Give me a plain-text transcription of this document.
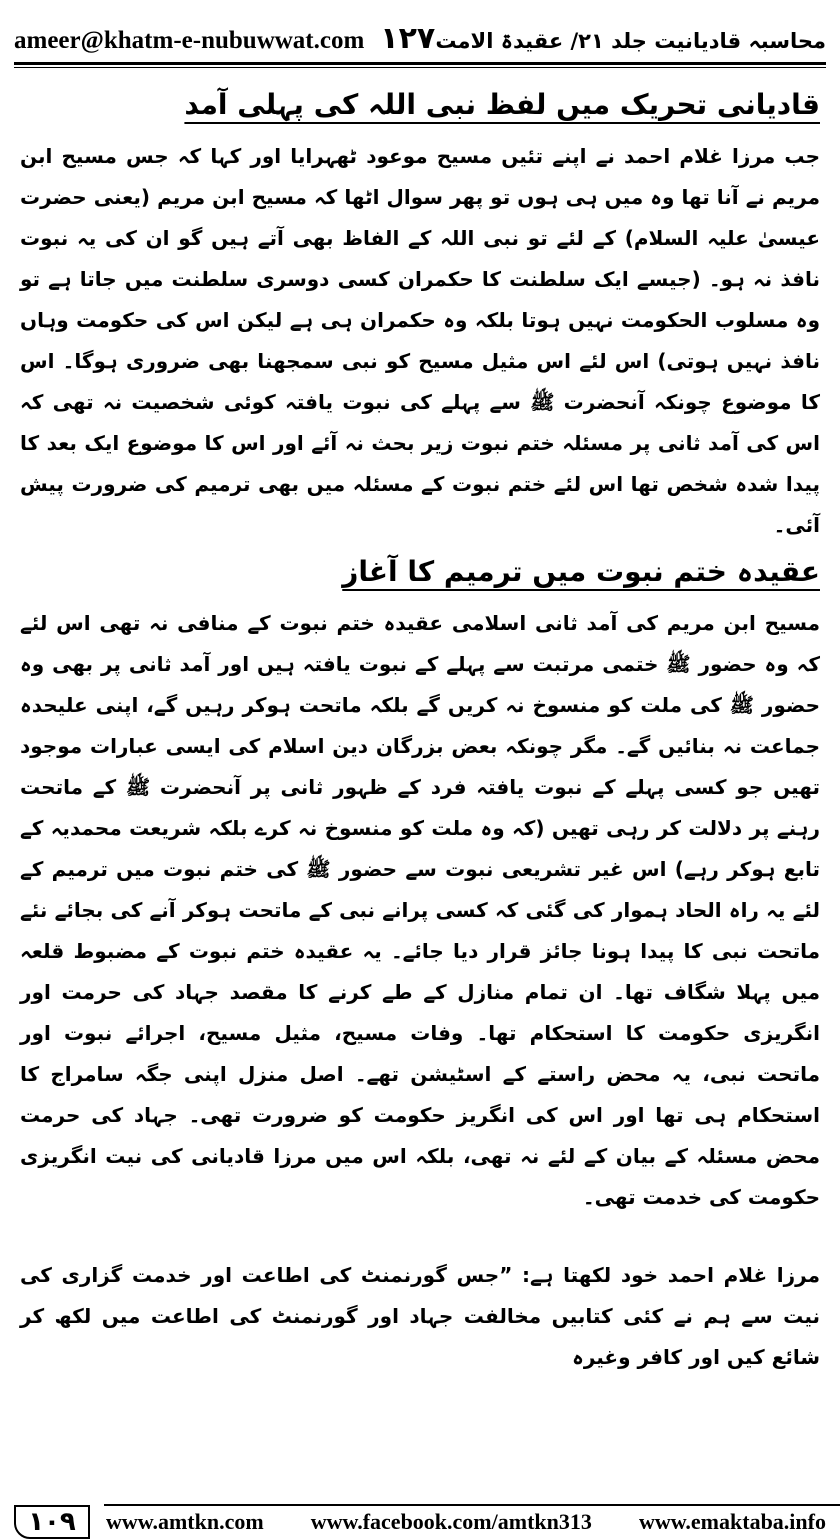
ameer@khatm-e-nubuwwat.com ۱۲۷ محاسبہ قادیانیت جلد ۲۱/ عقیدۃ الامت
قادیانی تحریک میں لفظ نبی اللہ کی پہلی آمد

جب مرزا غلام احمد نے اپنے تئیں مسیح موعود ٹھہرایا اور کہا کہ جس مسیح ابن مریم نے آنا تھا وہ میں ہی ہوں تو پھر سوال اٹھا کہ مسیح ابن مریم (یعنی حضرت عیسیٰ علیہ السلام) کے لئے تو نبی اللہ کے الفاظ بھی آتے ہیں گو ان کی یہ نبوت نافذ نہ ہو۔ (جیسے ایک سلطنت کا حکمران کسی دوسری سلطنت میں جاتا ہے تو وہ مسلوب الحکومت نہیں ہوتا بلکہ وہ حکمران ہی ہے لیکن اس کی حکومت وہاں نافذ نہیں ہوتی) اس لئے اس مثیل مسیح کو نبی سمجھنا بھی ضروری ہوگا۔ اس کا موضوع چونکہ آنحضرت ﷺ سے پہلے کی نبوت یافتہ کوئی شخصیت نہ تھی کہ اس کی آمد ثانی پر مسئلہ ختم نبوت زیر بحث نہ آئے اور اس کا موضوع ایک بعد کا پیدا شدہ شخص تھا اس لئے ختم نبوت کے مسئلہ میں بھی ترمیم کی ضرورت پیش آئی۔

عقیدہ ختم نبوت میں ترمیم کا آغاز

مسیح ابن مریم کی آمد ثانی اسلامی عقیدہ ختم نبوت کے منافی نہ تھی اس لئے کہ وہ حضور ﷺ ختمی مرتبت سے پہلے کے نبوت یافتہ ہیں اور آمد ثانی پر بھی وہ حضور ﷺ کی ملت کو منسوخ نہ کریں گے بلکہ ماتحت ہوکر رہیں گے، اپنی علیحدہ جماعت نہ بنائیں گے۔ مگر چونکہ بعض بزرگان دین اسلام کی ایسی عبارات موجود تھیں جو کسی پہلے کے نبوت یافتہ فرد کے ظہور ثانی پر آنحضرت ﷺ کے ماتحت رہنے پر دلالت کر رہی تھیں (کہ وہ ملت کو منسوخ نہ کرے بلکہ شریعت محمدیہ کے تابع ہوکر رہے) اس غیر تشریعی نبوت سے حضور ﷺ کی ختم نبوت میں ترمیم کے لئے یہ راہ الحاد ہموار کی گئی کہ کسی پرانے نبی کے ماتحت ہوکر آنے کی بجائے نئے ماتحت نبی کا پیدا ہونا جائز قرار دیا جائے۔ یہ عقیدہ ختم نبوت کے مضبوط قلعہ میں پہلا شگاف تھا۔ ان تمام منازل کے طے کرنے کا مقصد جہاد کی حرمت اور انگریزی حکومت کا استحکام تھا۔ وفات مسیح، مثیل مسیح، اجرائے نبوت اور ماتحت نبی، یہ محض راستے کے اسٹیشن تھے۔ اصل منزل اپنی جگہ سامراج کا استحکام ہی تھا اور اس کی انگریز حکومت کو ضرورت تھی۔ جہاد کی حرمت محض مسئلہ کے بیان کے لئے نہ تھی، بلکہ اس میں مرزا قادیانی کی نیت انگریزی حکومت کی خدمت تھی۔

مرزا غلام احمد خود لکھتا ہے: ”جس گورنمنٹ کی اطاعت اور خدمت گزاری کی نیت سے ہم نے کئی کتابیں مخالفت جہاد اور گورنمنٹ کی اطاعت میں لکھ کر شائع کیں اور کافر وغیرہ

۱۰۹	www.amtkn.com www.facebook.com/amtkn313 www.emaktaba.info
